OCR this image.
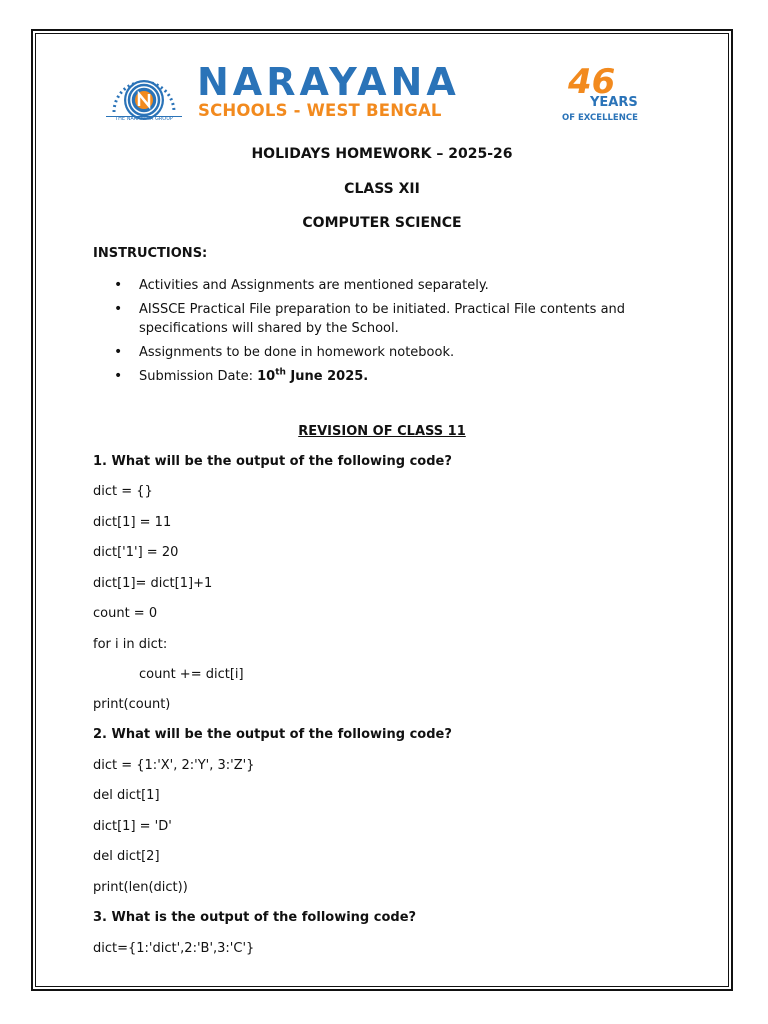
THE NARAYANA GROUP
NARAYANA
SCHOOLS - WEST BENGAL
46
YEARS
OF EXCELLENCE
HOLIDAYS HOMEWORK – 2025-26
CLASS XII
COMPUTER SCIENCE
INSTRUCTIONS:
• Activities and Assignments are mentioned separately.
• AISSCE Practical File preparation to be initiated. Practical File contents and specifications will shared by the School.
• Assignments to be done in homework notebook.
• Submission Date: 10th June 2025.
REVISION OF CLASS 11
1. What will be the output of the following code?
dict = {}
dict[1] = 11
dict['1'] = 20
dict[1]= dict[1]+1
count = 0
for i in dict:
count += dict[i]
print(count)
2. What will be the output of the following code?
dict = {1:'X', 2:'Y', 3:'Z'}
del dict[1]
dict[1] = 'D'
del dict[2]
print(len(dict))
3. What is the output of the following code?
dict={1:'dict',2:'B',3:'C'}
